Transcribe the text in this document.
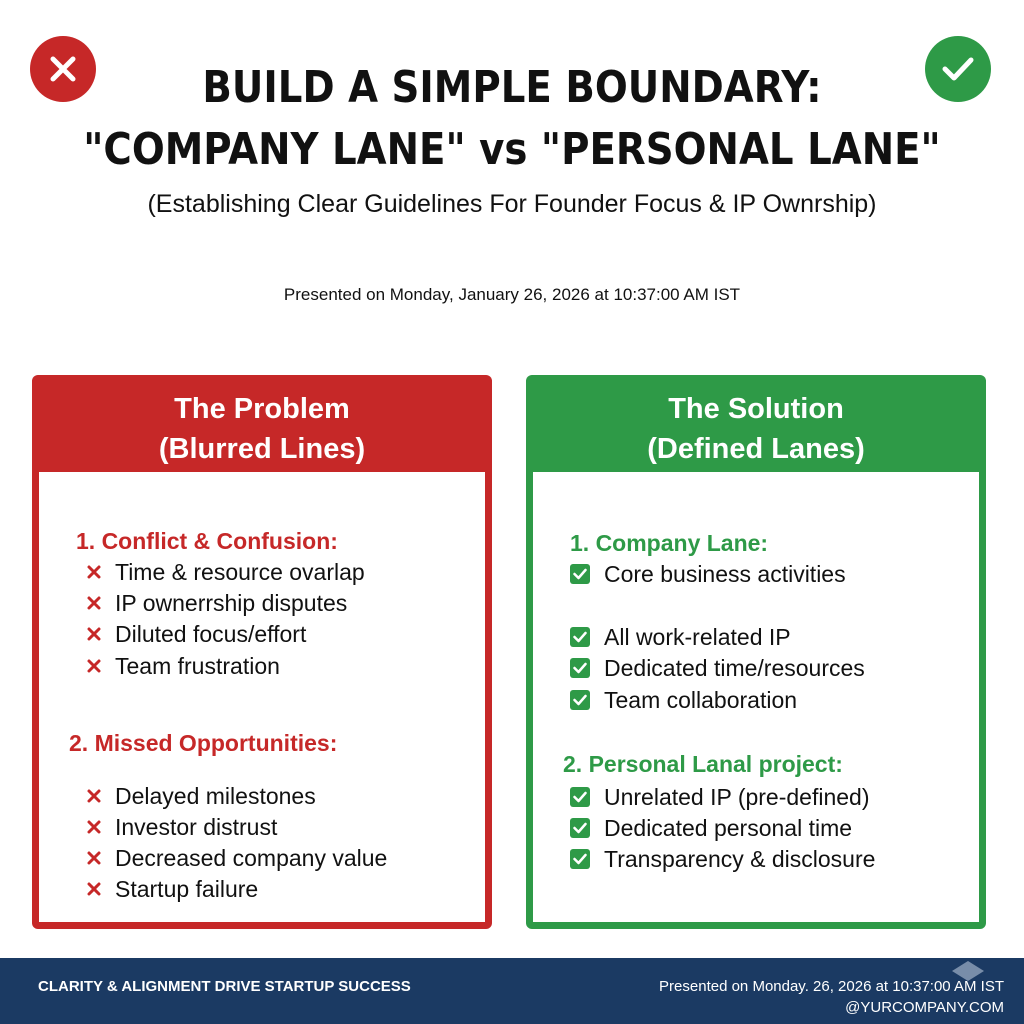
BUILD A SIMPLE BOUNDARY:
"COMPANY LANE" vs "PERSONAL LANE"
(Establishing Clear Guidelines For Founder Focus & IP Ownrship)
Presented on Monday, January 26, 2026 at 10:37:00 AM IST
The Problem
(Blurred Lines)
1. Conflict & Confusion:
Time & resource ovarlap
IP ownerrship disputes
Diluted focus/effort
Team frustration
2. Missed Opportunities:
Delayed milestones
Investor distrust
Decreased company value
Startup failure
The Solution
(Defined Lanes)
1. Company Lane:
Core business activities
All work-related IP
Dedicated time/resources
Team collaboration
2. Personal Lanal project:
Unrelated IP (pre-defined)
Dedicated personal time
Transparency & disclosure
CLARITY & ALIGNMENT DRIVE STARTUP SUCCESS	Presented on Monday. 26, 2026 at 10:37:00 AM IST
@YURCOMPANY.COM
